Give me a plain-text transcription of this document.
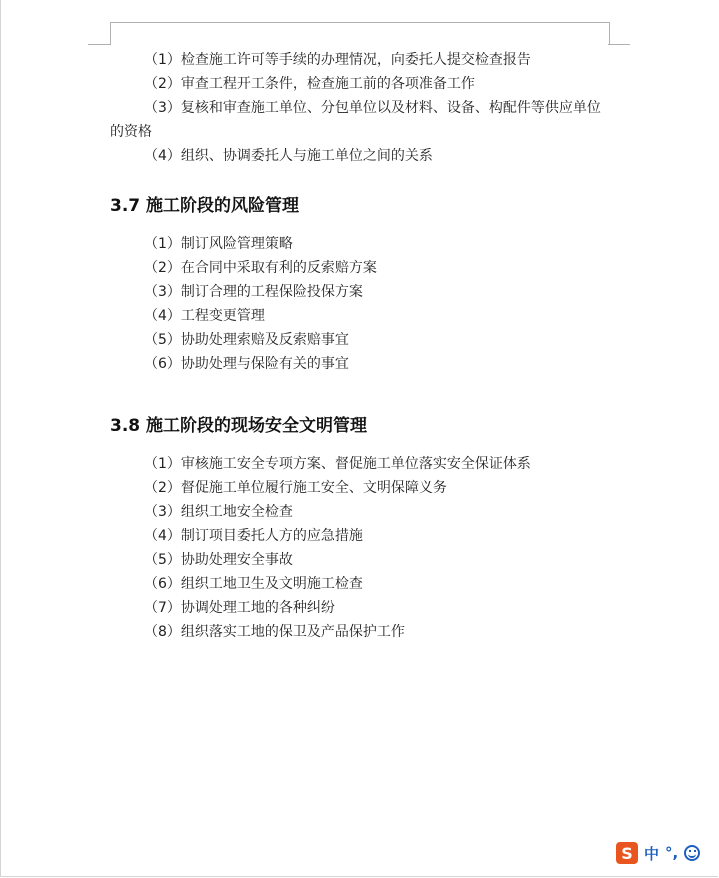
（1）检查施工许可等手续的办理情况，向委托人提交检查报告

（2）审查工程开工条件，检查施工前的各项准备工作

（3）复核和审查施工单位、分包单位以及材料、设备、构配件等供应单位的资格

（4）组织、协调委托人与施工单位之间的关系

3.7 施工阶段的风险管理

（1）制订风险管理策略

（2）在合同中采取有利的反索赔方案

（3）制订合理的工程保险投保方案

（4）工程变更管理

（5）协助处理索赔及反索赔事宜

（6）协助处理与保险有关的事宜

3.8 施工阶段的现场安全文明管理

（1）审核施工安全专项方案、督促施工单位落实安全保证体系

（2）督促施工单位履行施工安全、文明保障义务

（3）组织工地安全检查

（4）制订项目委托人方的应急措施

（5）协助处理安全事故

（6）组织工地卫生及文明施工检查

（7）协调处理工地的各种纠纷

（8）组织落实工地的保卫及产品保护工作

S 中 °,
